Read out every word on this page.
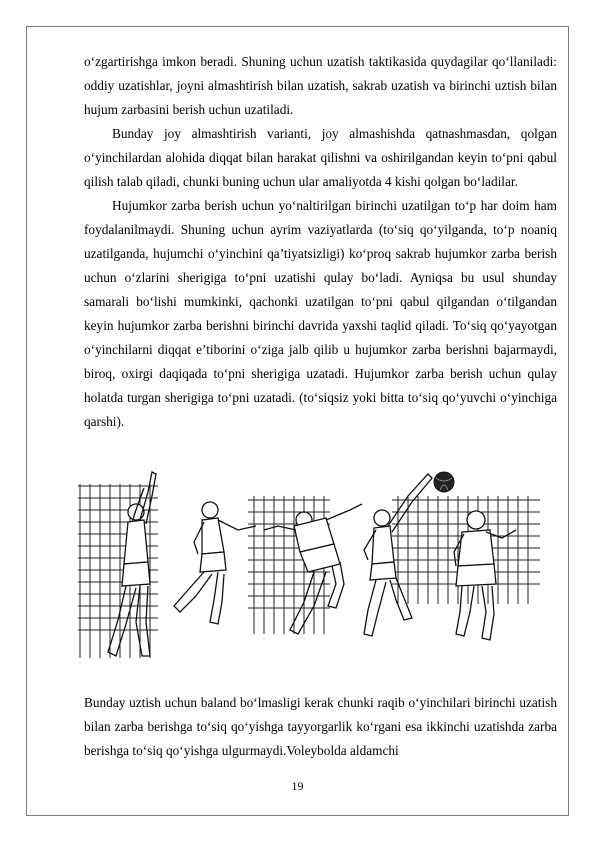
o‘zgartirishga imkon beradi. Shuning uchun uzatish taktikasida quydagilar qo‘llaniladi: oddiy uzatishlar, joyni almashtirish bilan uzatish, sakrab uzatish va birinchi uztish bilan hujum zarbasini berish uchun uzatiladi.

Bunday joy almashtirish varianti, joy almashishda qatnashmasdan, qolgan o‘yinchilardan alohida diqqat bilan harakat qilishni va oshirilgandan keyin to‘pni qabul qilish talab qiladi, chunki buning uchun ular amaliyotda 4 kishi qolgan bo‘ladilar.

Hujumkor zarba berish uchun yo‘naltirilgan birinchi uzatilgan to‘p har doim ham foydalanilmaydi. Shuning uchun ayrim vaziyatlarda (to‘siq qo‘yilganda, to‘p noaniq uzatilganda, hujumchi o‘yinchini qa’tiyatsizligi) ko‘proq sakrab hujumkor zarba berish uchun o‘zlarini sherigiga to‘pni uzatishi qulay bo‘ladi. Ayniqsa bu usul shunday samarali bo‘lishi mumkinki, qachonki uzatilgan to‘pni qabul qilgandan o‘tilgandan keyin hujumkor zarba berishni birinchi davrida yaxshi taqlid qiladi. To‘siq qo‘yayotgan o‘yinchilarni diqqat e’tiborini o‘ziga jalb qilib u hujumkor zarba berishni bajarmaydi, biroq, oxirgi daqiqada to‘pni sherigiga uzatadi. Hujumkor zarba berish uchun qulay holatda turgan sherigiga to‘pni uzatadi. (to‘siqsiz yoki bitta to‘siq qo‘yuvchi o‘yinchiga qarshi).

Bunday uztish uchun baland bo‘lmasligi kerak chunki raqib o‘yinchilari birinchi uzatish bilan zarba berishga to‘siq qo‘yishga tayyorgarlik ko‘rgani esa ikkinchi uzatishda zarba berishga to‘siq qo‘yishga ulgurmaydi.Voleybolda aldamchi

19
